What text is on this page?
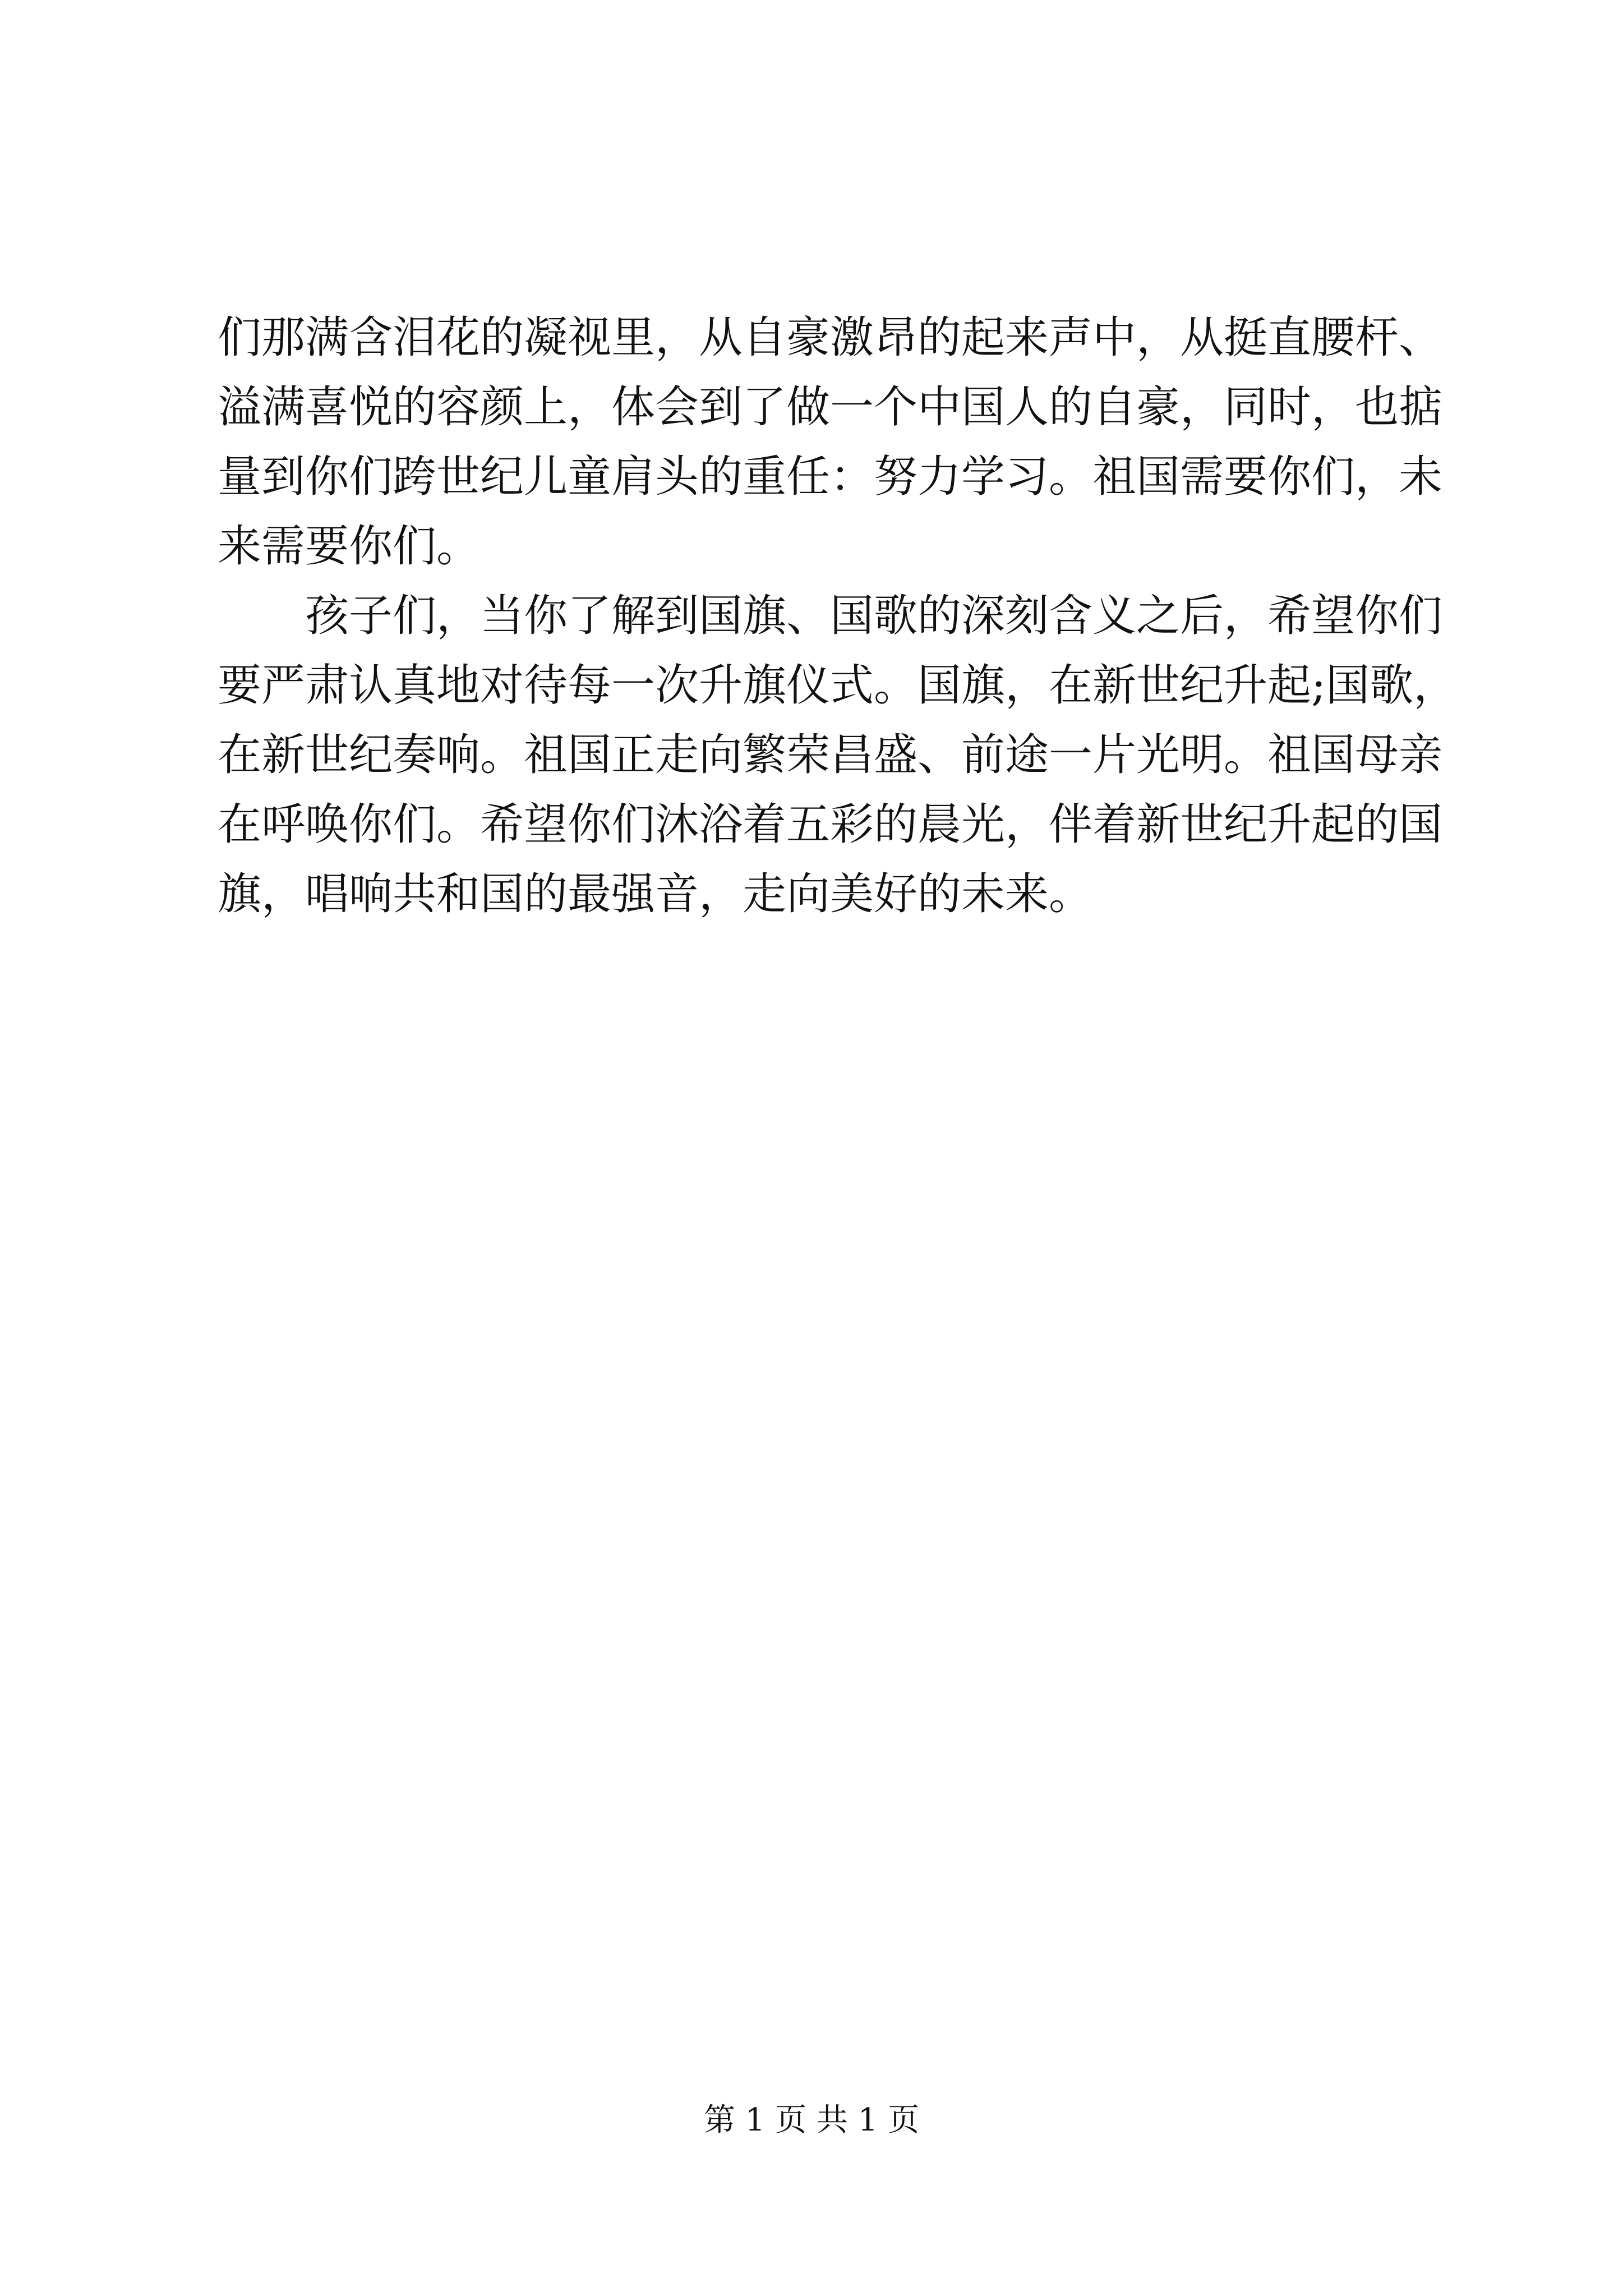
们那满含泪花的凝视里，从自豪激昂的起来声中，从挺直腰杆、
溢满喜悦的容颜上，体会到了做一个中国人的自豪，同时，也掂
量到你们跨世纪儿童肩头的重任：努力学习。祖国需要你们，未
来需要你们。
　　孩子们，当你了解到国旗、国歌的深刻含义之后，希望你们
要严肃认真地对待每一次升旗仪式。国旗，在新世纪升起;国歌，
在新世纪奏响。祖国正走向繁荣昌盛、前途一片光明。祖国母亲
在呼唤你们。希望你们沐浴着五彩的晨光，伴着新世纪升起的国
旗，唱响共和国的最强音，走向美好的未来。
第 1 页 共 1 页
